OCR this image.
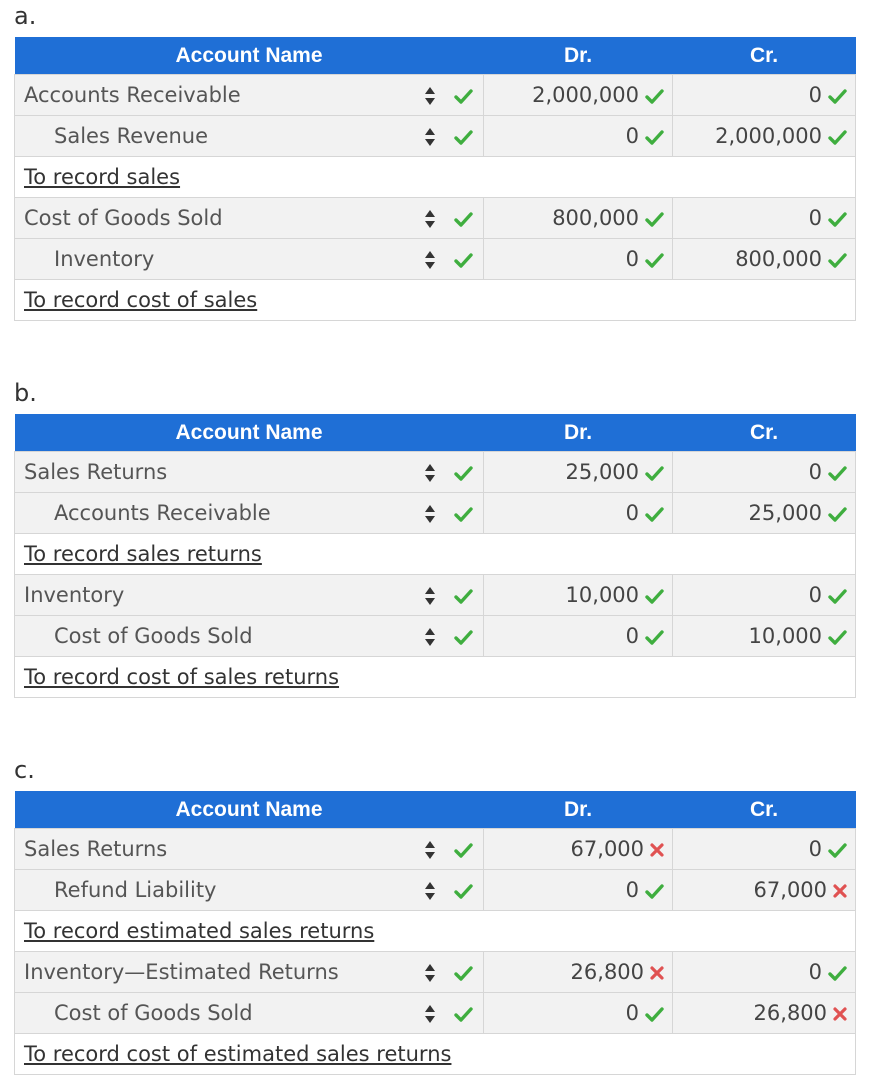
a.
Account Name			Dr.	Cr.
Accounts Receivable			2,000,000	0
Sales Revenue			0	2,000,000
To record sales				
Cost of Goods Sold			800,000	0
Inventory			0	800,000
To record cost of sales				
b.
Account Name			Dr.	Cr.
Sales Returns			25,000	0
Accounts Receivable			0	25,000
To record sales returns				
Inventory			10,000	0
Cost of Goods Sold			0	10,000
To record cost of sales returns				
c.
Account Name			Dr.	Cr.
Sales Returns			67,000	0
Refund Liability			0	67,000
To record estimated sales returns				
Inventory—Estimated Returns			26,800	0
Cost of Goods Sold			0	26,800
To record cost of estimated sales returns				
